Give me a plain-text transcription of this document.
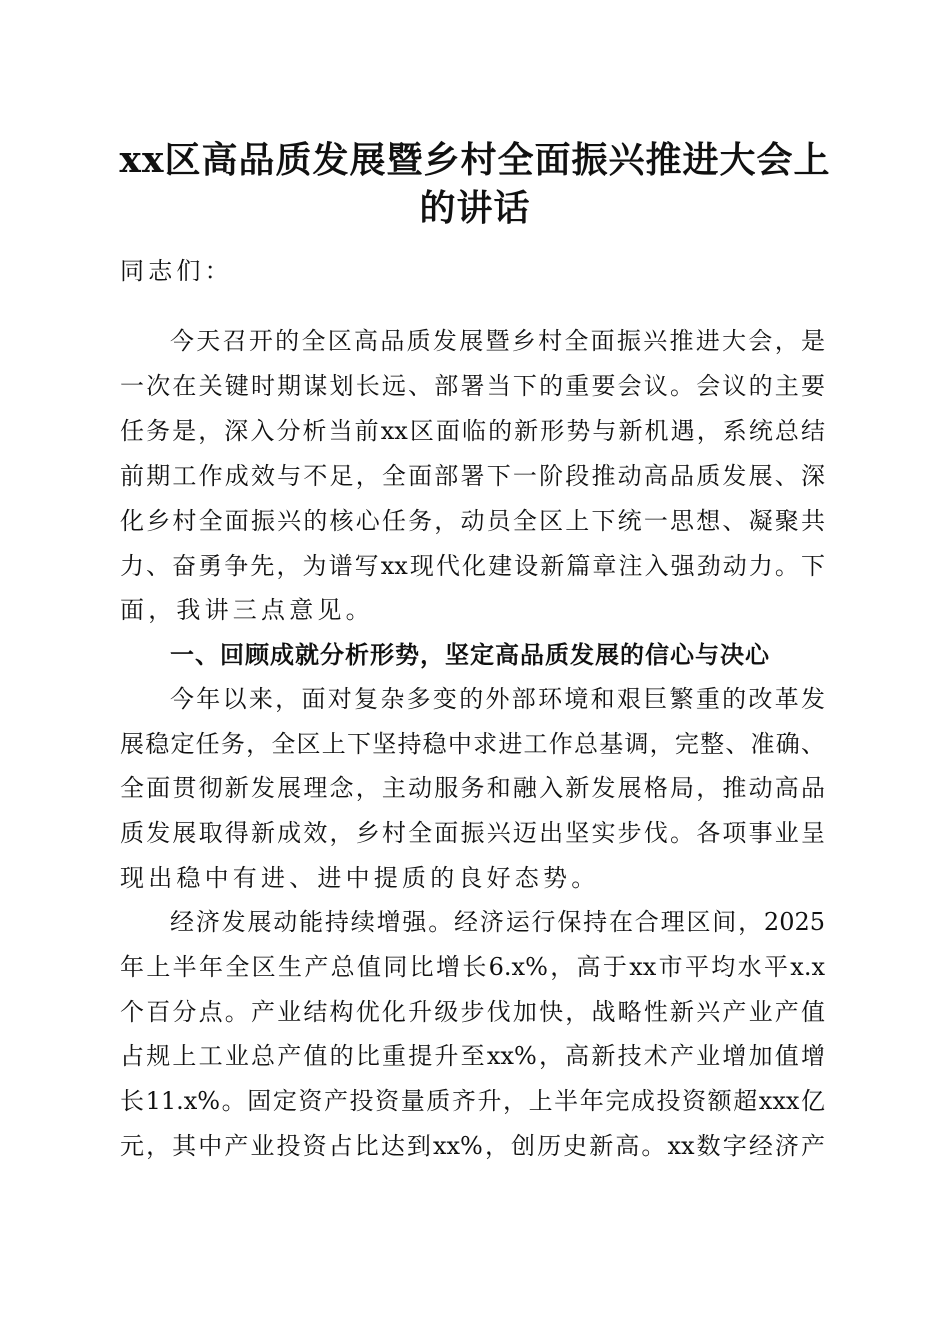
xx区高品质发展暨乡村全面振兴推进大会上
的讲话

同志们：

今天召开的全区高品质发展暨乡村全面振兴推进大会，是

一次在关键时期谋划长远、部署当下的重要会议。会议的主要

任务是，深入分析当前xx区面临的新形势与新机遇，系统总结

前期工作成效与不足，全面部署下一阶段推动高品质发展、深

化乡村全面振兴的核心任务，动员全区上下统一思想、凝聚共

力、奋勇争先，为谱写xx现代化建设新篇章注入强劲动力。下

面，我讲三点意见。

一、回顾成就分析形势，坚定高品质发展的信心与决心

今年以来，面对复杂多变的外部环境和艰巨繁重的改革发

展稳定任务，全区上下坚持稳中求进工作总基调，完整、准确、

全面贯彻新发展理念，主动服务和融入新发展格局，推动高品

质发展取得新成效，乡村全面振兴迈出坚实步伐。各项事业呈

现出稳中有进、进中提质的良好态势。

经济发展动能持续增强。经济运行保持在合理区间，2025

年上半年全区生产总值同比增长6.x%，高于xx市平均水平x.x

个百分点。产业结构优化升级步伐加快，战略性新兴产业产值

占规上工业总产值的比重提升至xx%，高新技术产业增加值增

长11.x%。固定资产投资量质齐升，上半年完成投资额超xxx亿

元，其中产业投资占比达到xx%，创历史新高。xx数字经济产
